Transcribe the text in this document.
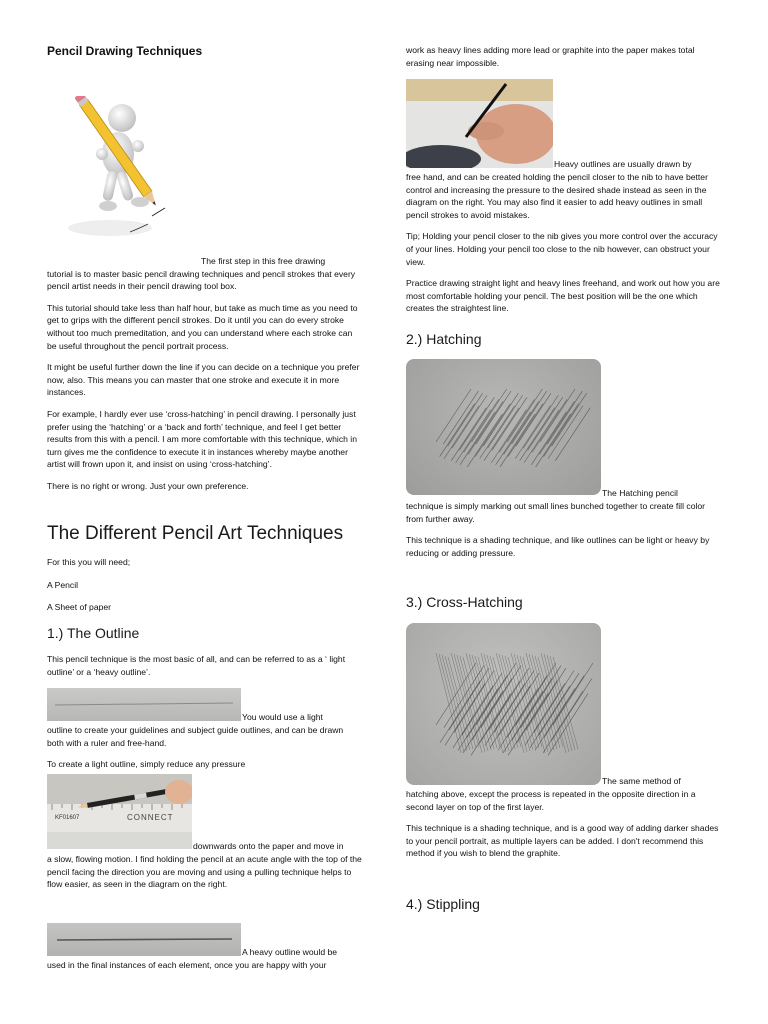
Pencil Drawing Techniques
The first step in this free drawing

tutorial is to master basic pencil drawing techniques and pencil strokes that every pencil artist needs in their pencil drawing tool box.

This tutorial should take less than half hour, but take as much time as you need to get to grips with the different pencil strokes. Do it until you can do every stroke without too much premeditation, and you can understand where each stroke can be useful throughout the pencil portrait process.

It might be useful further down the line if you can decide on a technique you prefer now, also. This means you can master that one stroke and execute it in more instances.

For example, I hardly ever use ‘cross-hatching’ in pencil drawing. I personally just prefer using the ‘hatching’ or a ‘back and forth’ technique, and feel I get better results from this with a pencil. I am more comfortable with this technique, which in turn gives me the confidence to execute it in instances whereby maybe another artist will frown upon it, and insist on using ‘cross-hatching’.

There is no right or wrong. Just your own preference.

The Different Pencil Art Techniques
For this you will need;
A Pencil
A Sheet of paper
1.) The Outline

This pencil technique is the most basic of all, and can be referred to as a ‘ light outline’ or a ‘heavy outline’.

You would use a light

outline to create your guidelines and subject guide outlines, and can be drawn both with a ruler and free-hand.

To create a light outline, simply reduce any pressure

KF01607	CONNECT
downwards onto the paper and move in

a slow, flowing motion. I find holding the pencil at an acute angle with the top of the pencil facing the direction you are moving and using a pulling technique helps to flow easier, as seen in the diagram on the right.

A heavy outline would be
used in the final instances of each element, once you are happy with your

work as heavy lines adding more lead or graphite into the paper makes total erasing near impossible.

Heavy outlines are usually drawn by

free hand, and can be created holding the pencil closer to the nib to have better control and increasing the pressure to the desired shade instead as seen in the diagram on the right. You may also find it easier to add heavy outlines in small pencil strokes to avoid mistakes.

Tip; Holding your pencil closer to the nib gives you more control over the accuracy of your lines. Holding your pencil too close to the nib however, can obstruct your view.

Practice drawing straight light and heavy lines freehand, and work out how you are most comfortable holding your pencil. The best position will be the one which creates the straightest line.

2.) Hatching
The Hatching pencil

technique is simply marking out small lines bunched together to create fill color from further away.

This technique is a shading technique, and like outlines can be light or heavy by reducing or adding pressure.

3.) Cross-Hatching
The same method of

hatching above, except the process is repeated in the opposite direction in a second layer on top of the first layer.

This technique is a shading technique, and is a good way of adding darker shades to your pencil portrait, as multiple layers can be added. I don't recommend this method if you wish to blend the graphite.

4.) Stippling
